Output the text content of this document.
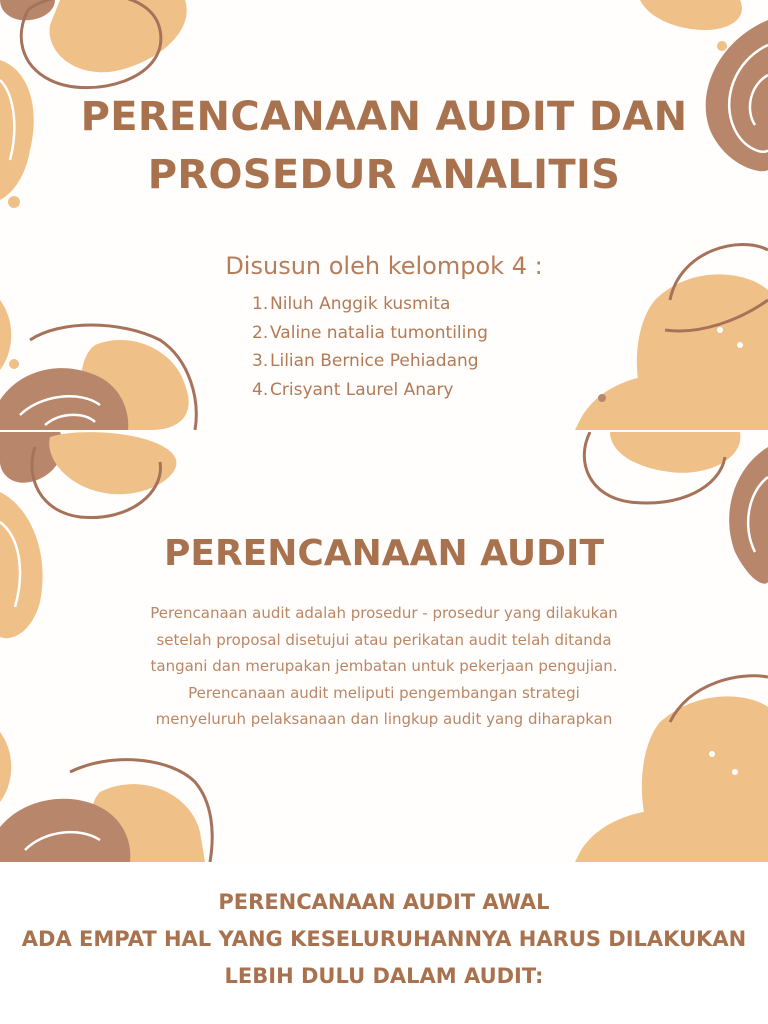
PERENCANAAN AUDIT DAN
PROSEDUR ANALITIS
Disusun oleh kelompok 4 :
1. Niluh Anggik kusmita
2. Valine natalia tumontiling
3. Lilian Bernice Pehiadang
4. Crisyant Laurel Anary
PERENCANAAN AUDIT
Perencanaan audit adalah prosedur - prosedur yang dilakukan
setelah proposal disetujui atau perikatan audit telah ditanda
tangani dan merupakan jembatan untuk pekerjaan pengujian.
Perencanaan audit meliputi pengembangan strategi
menyeluruh pelaksanaan dan lingkup audit yang diharapkan
PERENCANAAN AUDIT AWAL
ADA EMPAT HAL YANG KESELURUHANNYA HARUS DILAKUKAN
LEBIH DULU DALAM AUDIT:
